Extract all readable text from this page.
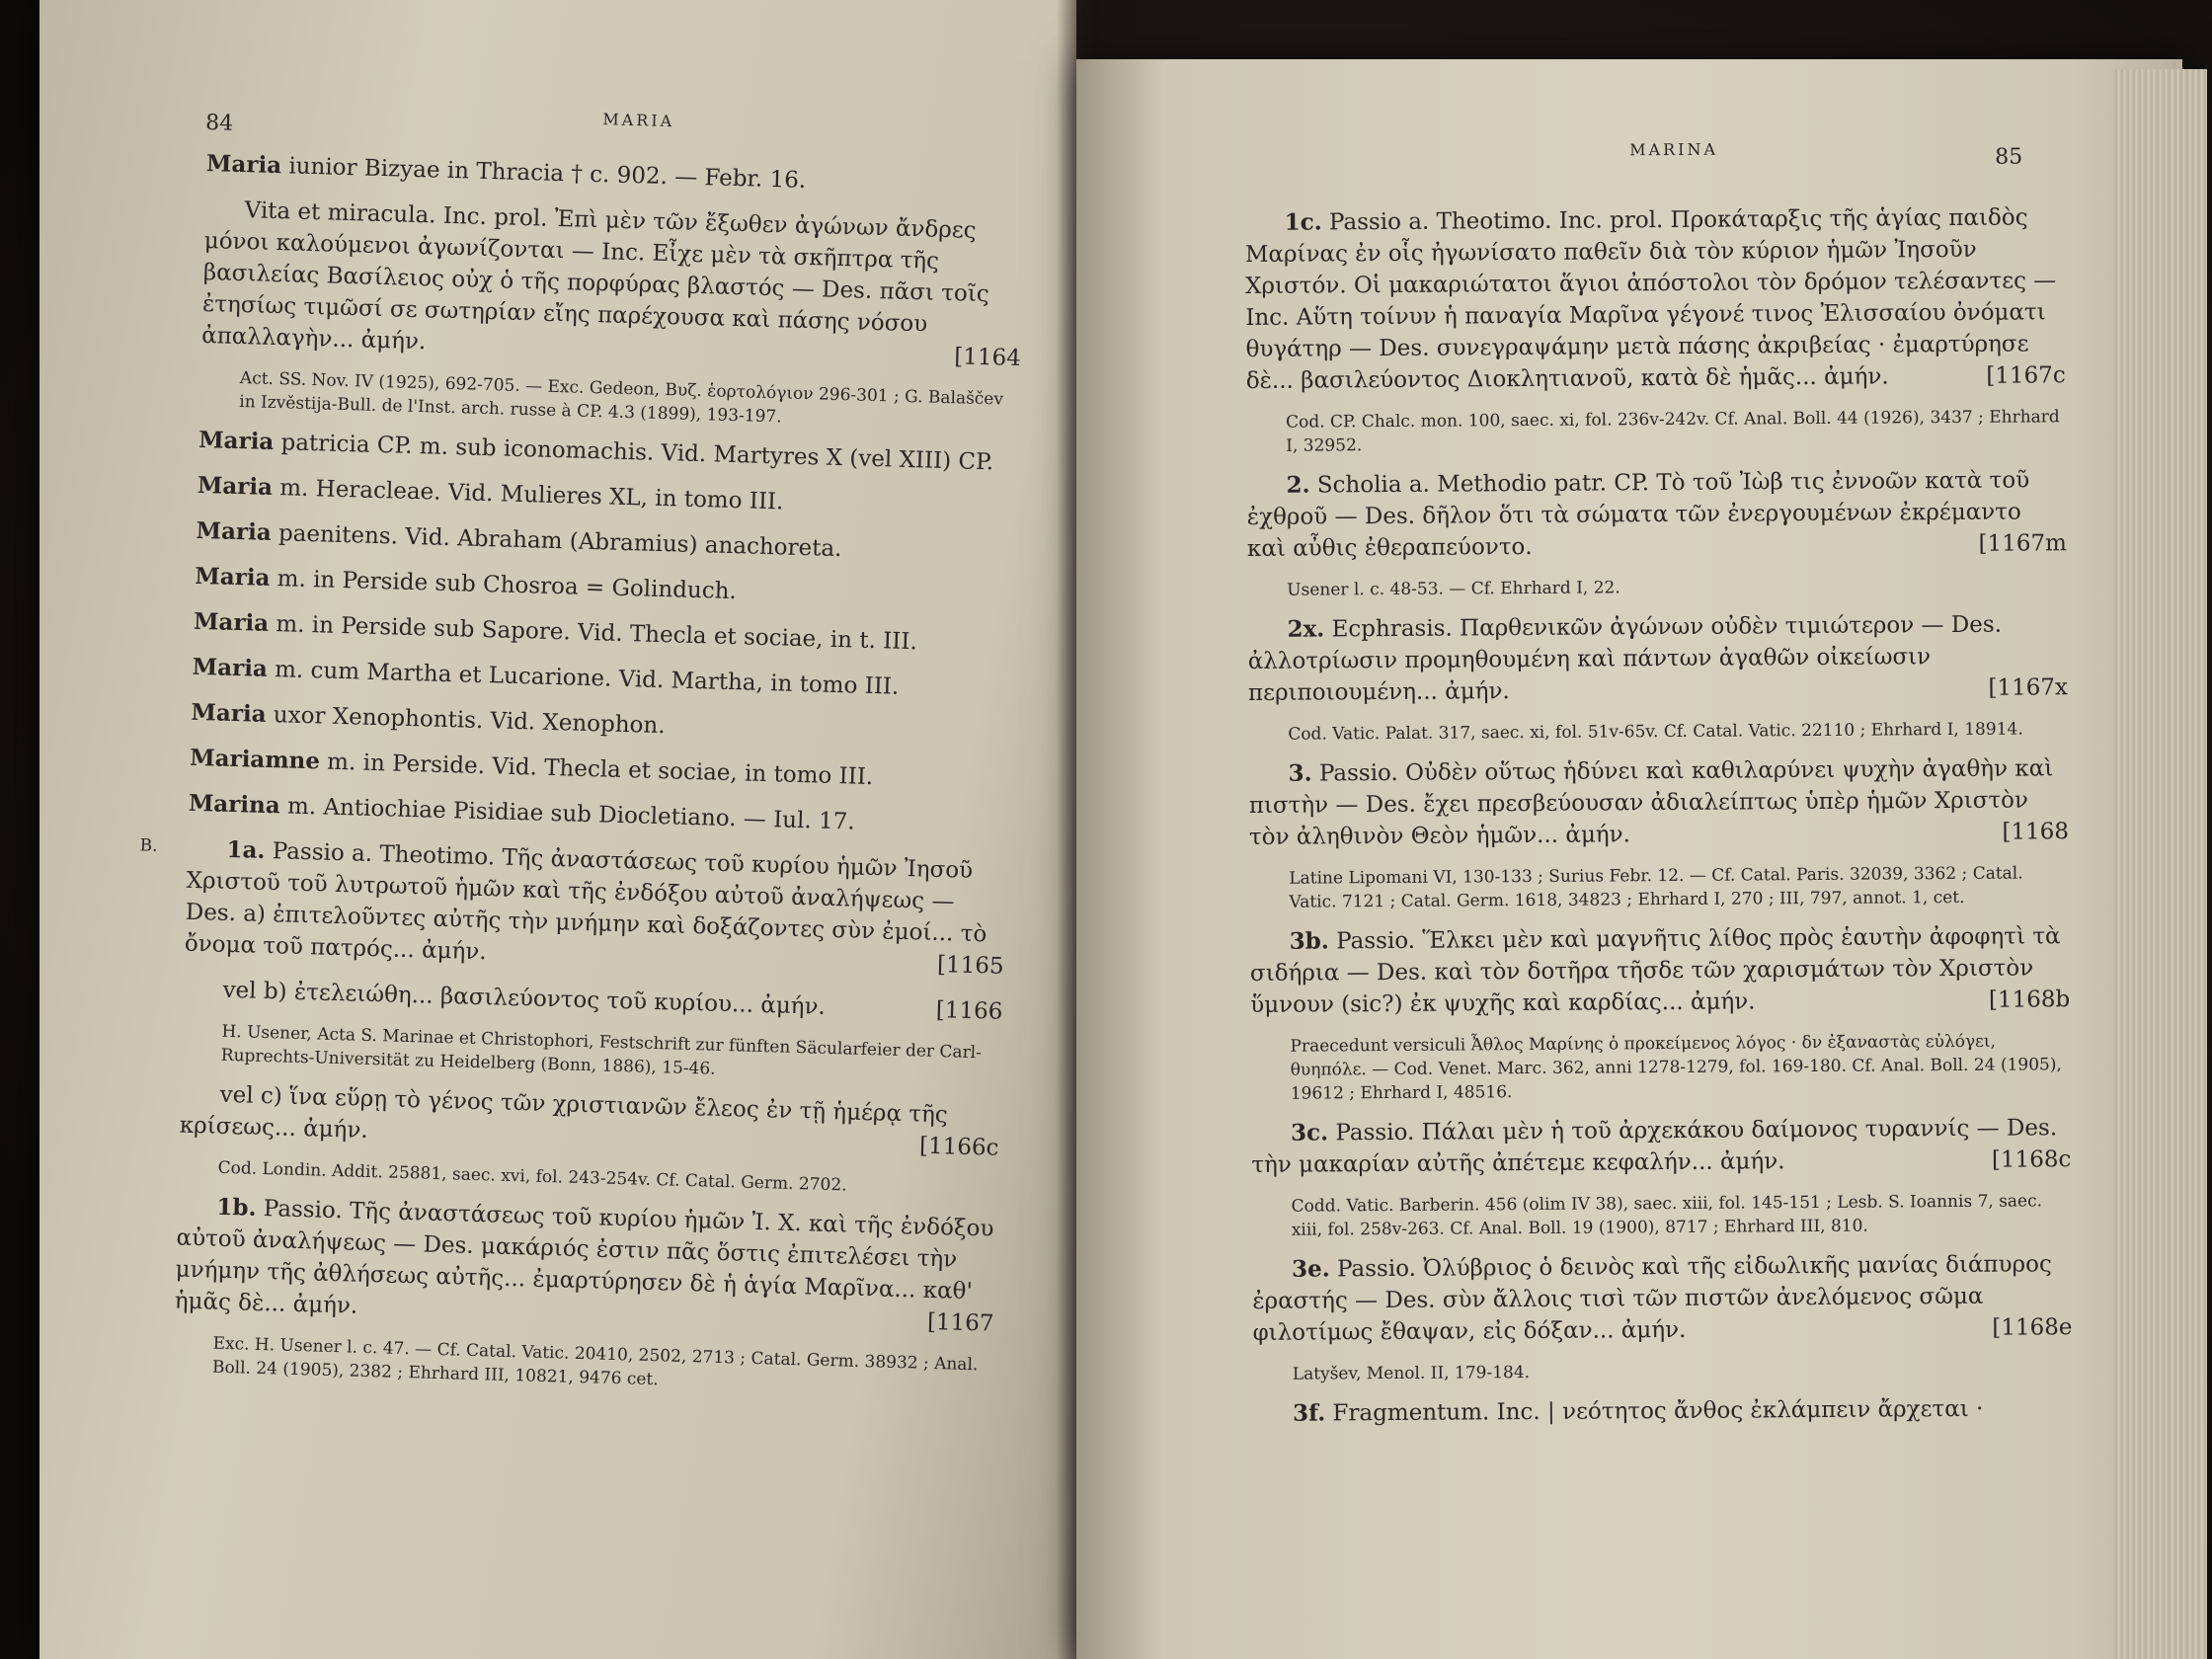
84	MARIA
Maria iunior Bizyae in Thracia † c. 902. — Febr. 16.
Vita et miracula. Inc. prol. Ἐπὶ μὲν τῶν ἔξωθεν ἀγώνων ἄνδρες μόνοι καλούμενοι ἀγωνίζονται — Inc. Εἶχε μὲν τὰ σκῆπτρα τῆς βασιλείας Βασίλειος οὐχ ὁ τῆς πορφύρας βλαστός — Des. πᾶσι τοῖς ἐτησίως τιμῶσί σε σωτηρίαν εἴης παρέχουσα καὶ πάσης νόσου ἀπαλλαγὴν... ἀμήν.
[1164
Act. SS. Nov. IV (1925), 692-705. — Exc. Gedeon, Βυζ. ἑορτολόγιον 296-301 ; G. Balaščev in Izvěstija-Bull. de l'Inst. arch. russe à CP. 4.3 (1899), 193-197.
Maria patricia CP. m. sub iconomachis. Vid. Martyres X (vel XIII) CP.
Maria m. Heracleae. Vid. Mulieres XL, in tomo III.
Maria paenitens. Vid. Abraham (Abramius) anachoreta.
Maria m. in Perside sub Chosroa = Golinduch.
Maria m. in Perside sub Sapore. Vid. Thecla et sociae, in t. III.
Maria m. cum Martha et Lucarione. Vid. Martha, in tomo III.
Maria uxor Xenophontis. Vid. Xenophon.
Mariamne m. in Perside. Vid. Thecla et sociae, in tomo III.
Marina m. Antiochiae Pisidiae sub Diocletiano. — Iul. 17.
B.	1a. Passio a. Theotimo. Τῆς ἀναστάσεως τοῦ κυρίου ἡμῶν Ἰησοῦ Χριστοῦ τοῦ λυτρωτοῦ ἡμῶν καὶ τῆς ἐνδόξου αὐτοῦ ἀναλήψεως — Des. a) ἐπιτελοῦντες αὐτῆς τὴν μνήμην καὶ δοξάζοντες σὺν ἐμοί... τὸ ὄνομα τοῦ πατρός... ἀμήν.
[1165
vel b) ἐτελειώθη... βασιλεύοντος τοῦ κυρίου... ἀμήν.	[1166
H. Usener, Acta S. Marinae et Christophori, Festschrift zur fünften Säcularfeier der Carl-Ruprechts-Universität zu Heidelberg (Bonn, 1886), 15-46.
vel c) ἵνα εὕρῃ τὸ γένος τῶν χριστιανῶν ἔλεος ἐν τῇ ἡμέρᾳ τῆς κρίσεως... ἀμήν.
[1166c
Cod. Londin. Addit. 25881, saec. xvi, fol. 243-254v. Cf. Catal. Germ. 2702.
1b. Passio. Τῆς ἀναστάσεως τοῦ κυρίου ἡμῶν Ἰ. Χ. καὶ τῆς ἐνδόξου αὐτοῦ ἀναλήψεως — Des. μακάριός ἐστιν πᾶς ὅστις ἐπιτελέσει τὴν μνήμην τῆς ἀθλήσεως αὐτῆς... ἐμαρτύρησεν δὲ ἡ ἁγία Μαρῖνα... καθ' ἡμᾶς δὲ... ἀμήν.
[1167
Exc. H. Usener l. c. 47. — Cf. Catal. Vatic. 20410, 2502, 2713 ; Catal. Germ. 38932 ; Anal. Boll. 24 (1905), 2382 ; Ehrhard III, 10821, 9476 cet.
MARINA	85
1c. Passio a. Theotimo. Inc. prol. Προκάταρξις τῆς ἁγίας παιδὸς Μαρίνας ἐν οἷς ἠγωνίσατο παθεῖν διὰ τὸν κύριον ἡμῶν Ἰησοῦν Χριστόν. Οἱ μακαριώτατοι ἅγιοι ἀπόστολοι τὸν δρόμον τελέσαντες — Inc. Αὕτη τοίνυν ἡ παναγία Μαρῖνα γέγονέ τινος Ἐλισσαίου ὀνόματι θυγάτηρ — Des. συνεγραψάμην μετὰ πάσης ἀκριβείας · ἐμαρτύρησε δὲ... βασιλεύοντος Διοκλητιανοῦ, κατὰ δὲ ἡμᾶς... ἀμήν.	[1167c
Cod. CP. Chalc. mon. 100, saec. xi, fol. 236v-242v. Cf. Anal. Boll. 44 (1926), 3437 ; Ehrhard I, 32952.
2. Scholia a. Methodio patr. CP. Τὸ τοῦ Ἰὼβ τις ἐννοῶν κατὰ τοῦ ἐχθροῦ — Des. δῆλον ὅτι τὰ σώματα τῶν ἐνεργουμένων ἐκρέμαντο καὶ αὖθις ἐθεραπεύοντο.	[1167m
Usener l. c. 48-53. — Cf. Ehrhard I, 22.
2x. Ecphrasis. Παρθενικῶν ἀγώνων οὐδὲν τιμιώτερον — Des. ἀλλοτρίωσιν προμηθουμένη καὶ πάντων ἀγαθῶν οἰκείωσιν περιποιουμένη... ἀμήν.	[1167x
Cod. Vatic. Palat. 317, saec. xi, fol. 51v-65v. Cf. Catal. Vatic. 22110 ; Ehrhard I, 18914.
3. Passio. Οὐδὲν οὕτως ἡδύνει καὶ καθιλαρύνει ψυχὴν ἀγαθὴν καὶ πιστὴν — Des. ἔχει πρεσβεύουσαν ἀδιαλείπτως ὑπὲρ ἡμῶν Χριστὸν τὸν ἀληθινὸν Θεὸν ἡμῶν... ἀμήν.	[1168
Latine Lipomani VI, 130-133 ; Surius Febr. 12. — Cf. Catal. Paris. 32039, 3362 ; Catal. Vatic. 7121 ; Catal. Germ. 1618, 34823 ; Ehrhard I, 270 ; III, 797, annot. 1, cet.
3b. Passio. Ἕλκει μὲν καὶ μαγνῆτις λίθος πρὸς ἑαυτὴν ἀφοφητὶ τὰ σιδήρια — Des. καὶ τὸν δοτῆρα τῆσδε τῶν χαρισμάτων τὸν Χριστὸν ὕμνουν (sic?) ἐκ ψυχῆς καὶ καρδίας... ἀμήν.	[1168b
Praecedunt versiculi Ἆθλος Μαρίνης ὁ προκείμενος λόγος · δν ἐξαναστὰς εὐλόγει, θυηπόλε. — Cod. Venet. Marc. 362, anni 1278-1279, fol. 169-180. Cf. Anal. Boll. 24 (1905), 19612 ; Ehrhard I, 48516.
3c. Passio. Πάλαι μὲν ἡ τοῦ ἀρχεκάκου δαίμονος τυραννίς — Des. τὴν μακαρίαν αὐτῆς ἀπέτεμε κεφαλήν... ἀμήν.	[1168c
Codd. Vatic. Barberin. 456 (olim IV 38), saec. xiii, fol. 145-151 ; Lesb. S. Ioannis 7, saec. xiii, fol. 258v-263. Cf. Anal. Boll. 19 (1900), 8717 ; Ehrhard III, 810.
3e. Passio. Ὀλύβριος ὁ δεινὸς καὶ τῆς εἰδωλικῆς μανίας διάπυρος ἐραστής — Des. σὺν ἄλλοις τισὶ τῶν πιστῶν ἀνελόμενος σῶμα φιλοτίμως ἔθαψαν, εἰς δόξαν... ἀμήν.	[1168e
Latyšev, Menol. II, 179-184.
3f. Fragmentum. Inc. | νεότητος ἄνθος ἐκλάμπειν ἄρχεται ·
